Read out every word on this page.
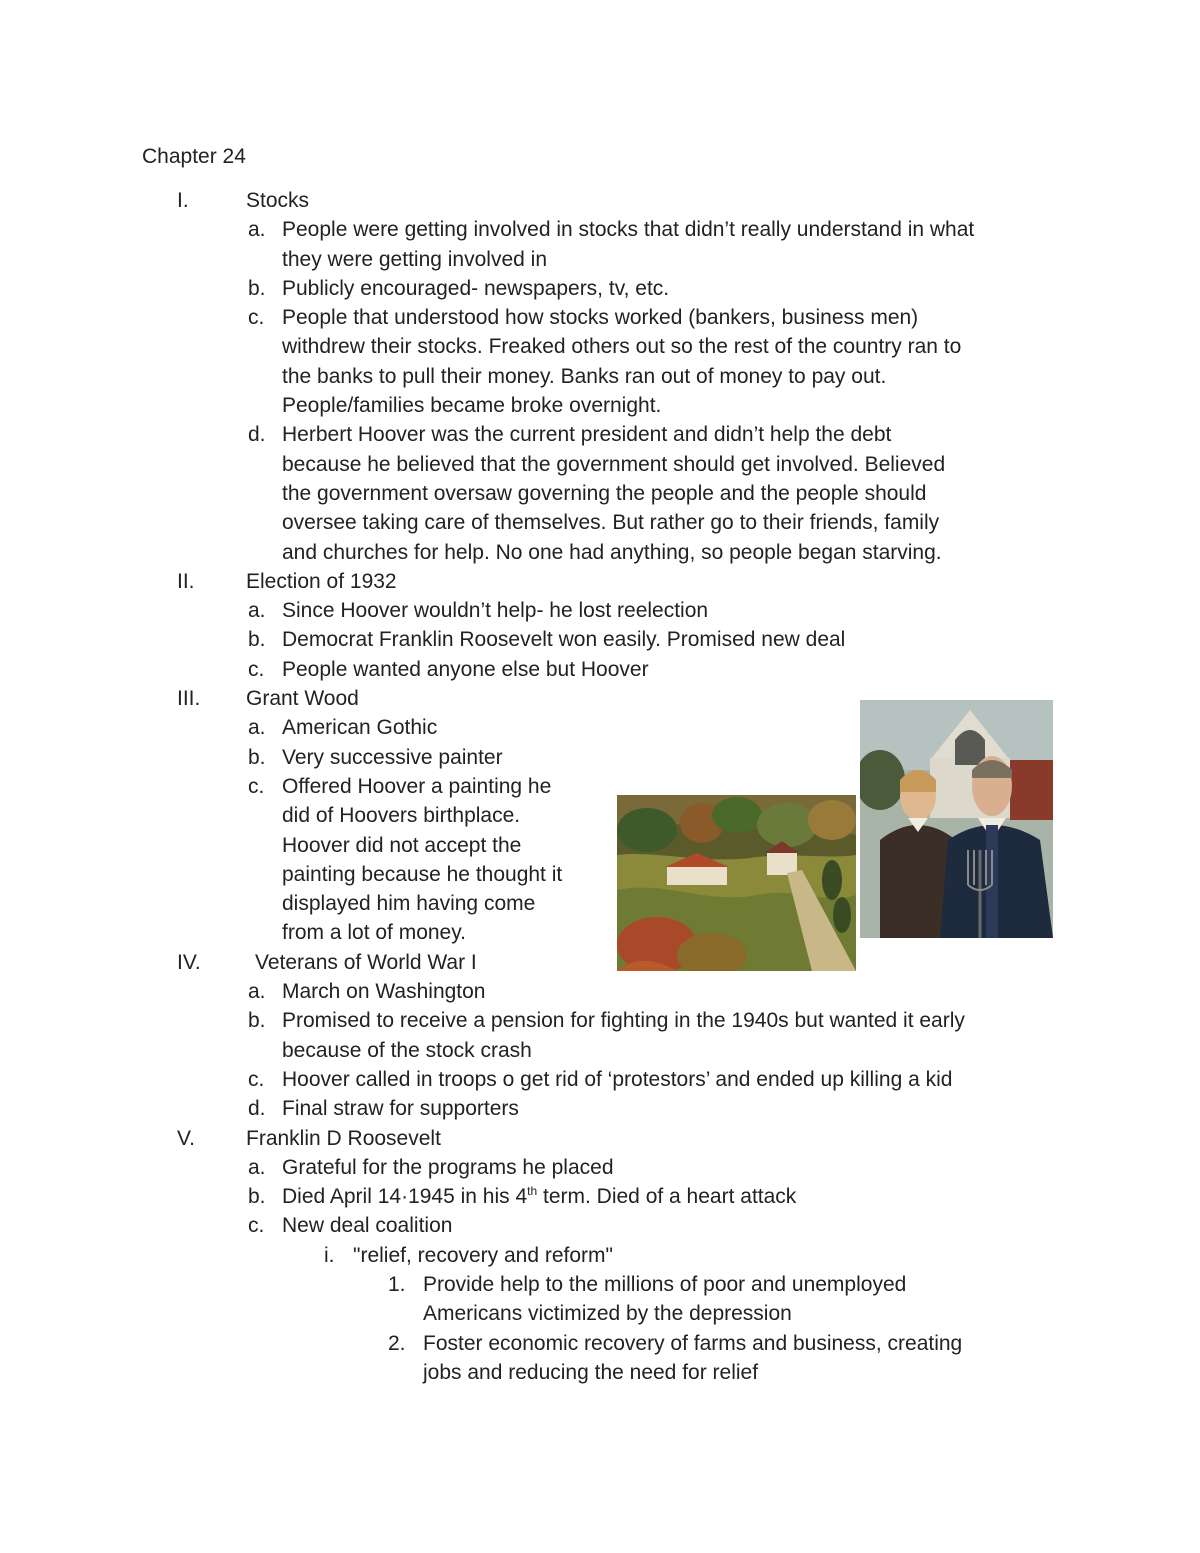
Chapter 24
I.	Stocks
a. People were getting involved in stocks that didn’t really understand in what
they were getting involved in
b. Publicly encouraged- newspapers, tv, etc.
c. People that understood how stocks worked (bankers, business men)
withdrew their stocks. Freaked others out so the rest of the country ran to
the banks to pull their money. Banks ran out of money to pay out.
People/families became broke overnight.
d. Herbert Hoover was the current president and didn’t help the debt
because he believed that the government should get involved. Believed
the government oversaw governing the people and the people should
oversee taking care of themselves. But rather go to their friends, family
and churches for help. No one had anything, so people began starving.
II. Election of 1932
a. Since Hoover wouldn’t help- he lost reelection
b. Democrat Franklin Roosevelt won easily. Promised new deal
c. People wanted anyone else but Hoover
III. Grant Wood
a. American Gothic
b. Very successive painter
c. Offered Hoover a painting he
did of Hoovers birthplace.
Hoover did not accept the
painting because he thought it
displayed him having come
from a lot of money.
IV.	Veterans of World War I
a. March on Washington
b. Promised to receive a pension for fighting in the 1940s but wanted it early
because of the stock crash
c. Hoover called in troops o get rid of ‘protestors’ and ended up killing a kid
d. Final straw for supporters
V. Franklin D Roosevelt
a. Grateful for the programs he placed
b. Died April 14·1945 in his 4th term. Died of a heart attack
c. New deal coalition
i. "relief, recovery and reform"
1. Provide help to the millions of poor and unemployed
Americans victimized by the depression
2. Foster economic recovery of farms and business, creating
jobs and reducing the need for relief
